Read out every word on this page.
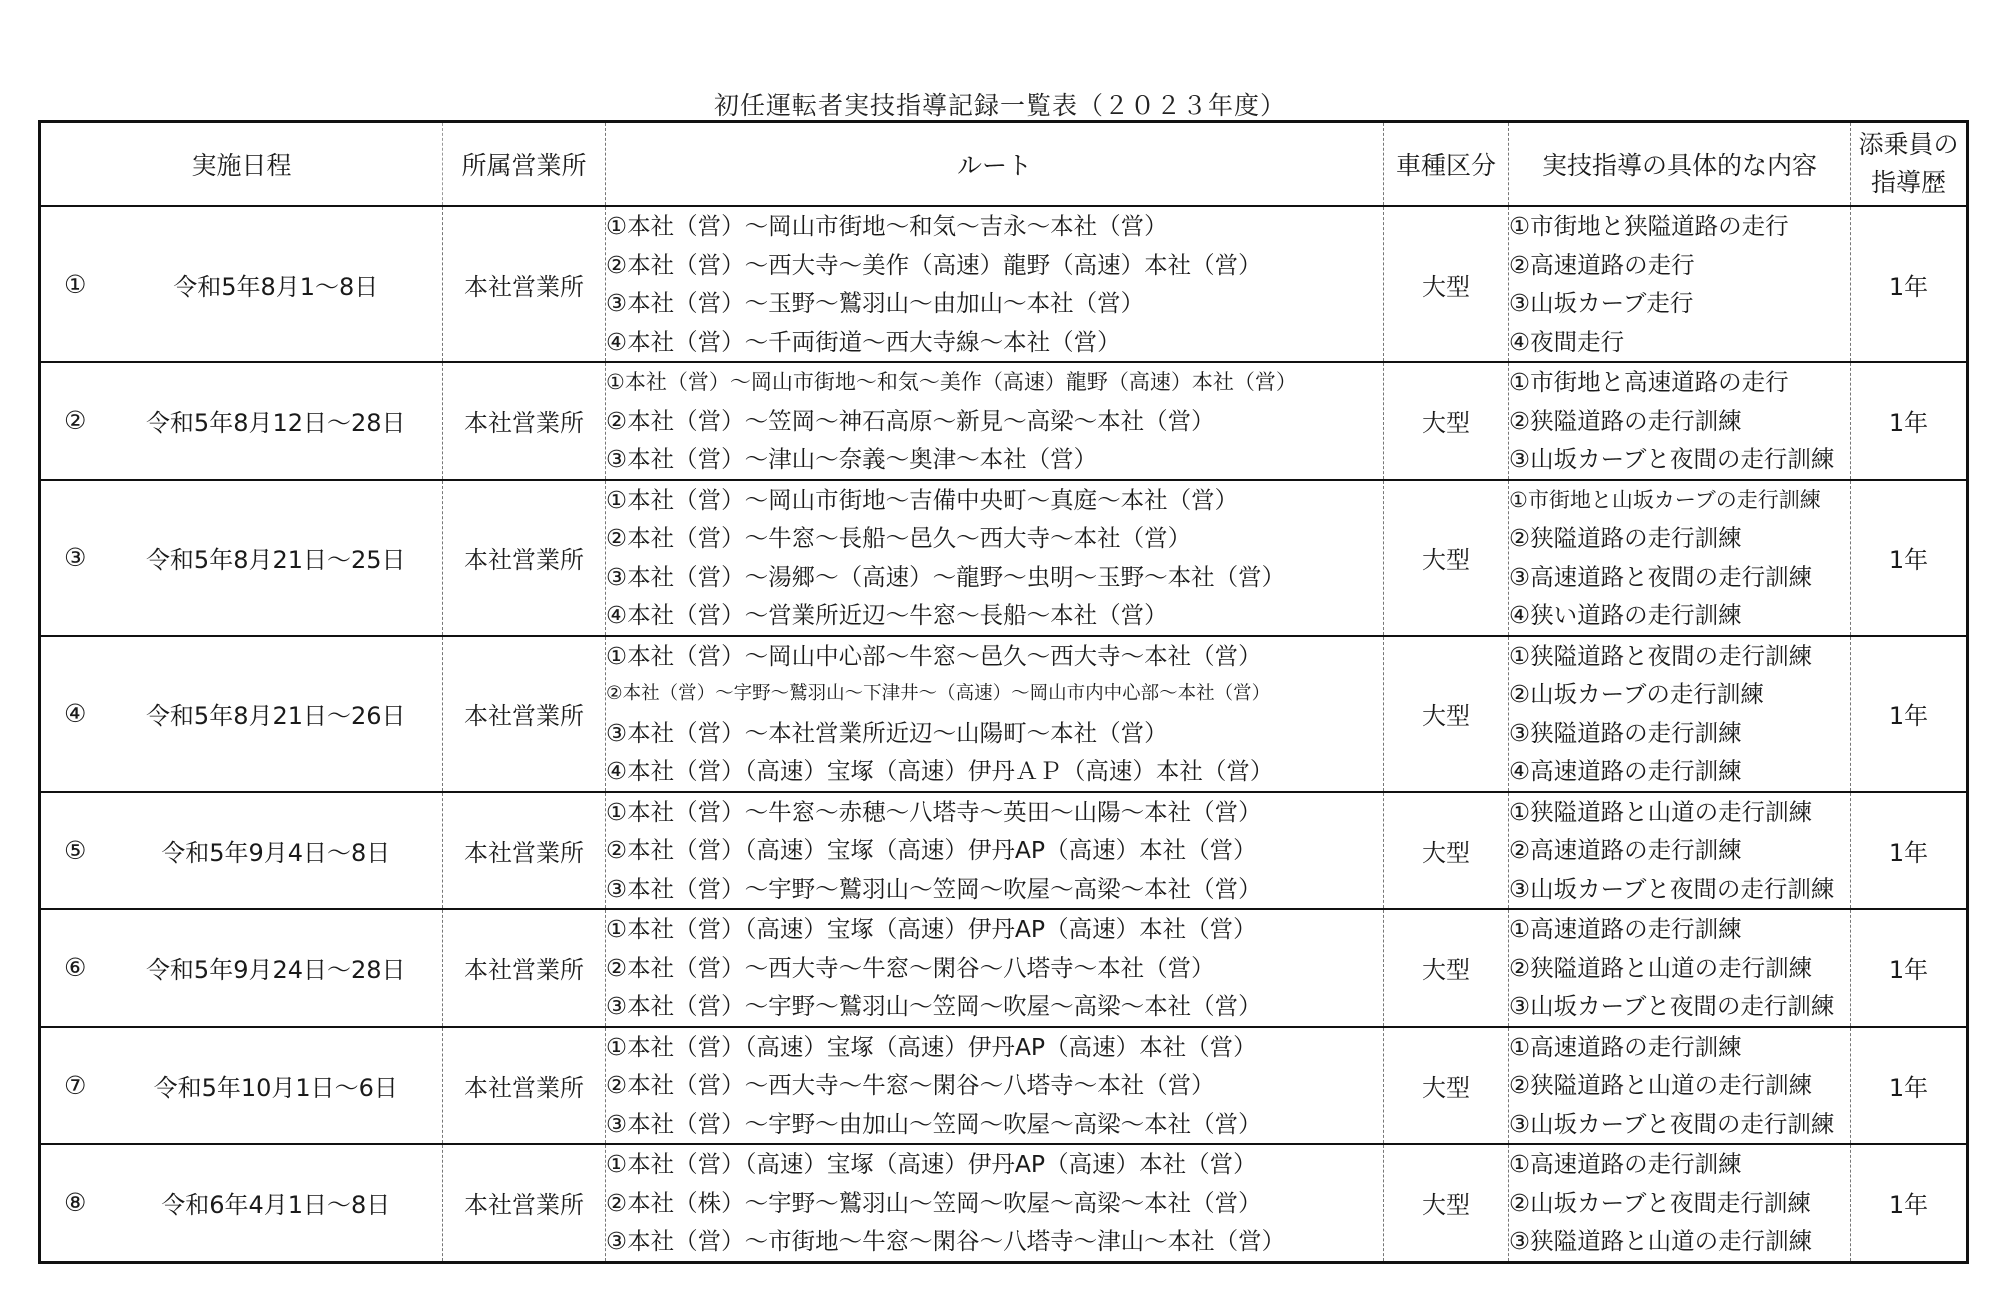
初任運転者実技指導記録一覧表（２０２３年度）
実施日程		所属営業所	ルート	車種区分	実技指導の具体的な内容	添乗員の
指導歴

①	令和5年8月1～8日	本社営業所	
①本社（営）～岡山市街地～和気～吉永～本社（営）
②本社（営）～西大寺～美作（高速）龍野（高速）本社（営）
③本社（営）～玉野～鷲羽山～由加山～本社（営）
④本社（営）～千両街道～西大寺線～本社（営）
	大型	
①市街地と狭隘道路の走行
②高速道路の走行
③山坂カーブ走行
④夜間走行
	1年
②	令和5年8月12日～28日	本社営業所	
①本社（営）～岡山市街地～和気～美作（高速）龍野（高速）本社（営）
②本社（営）～笠岡～神石高原～新見～高梁～本社（営）
③本社（営）～津山～奈義～奥津～本社（営）
	大型	
①市街地と高速道路の走行
②狭隘道路の走行訓練
③山坂カーブと夜間の走行訓練
	1年
③	令和5年8月21日～25日	本社営業所	
①本社（営）～岡山市街地～吉備中央町～真庭～本社（営）
②本社（営）～牛窓～長船～邑久～西大寺～本社（営）
③本社（営）～湯郷～（高速）～龍野～虫明～玉野～本社（営）
④本社（営）～営業所近辺～牛窓～長船～本社（営）
	大型	
①市街地と山坂カーブの走行訓練
②狭隘道路の走行訓練
③高速道路と夜間の走行訓練
④狭い道路の走行訓練
	1年
④	令和5年8月21日～26日	本社営業所	
①本社（営）～岡山中心部～牛窓～邑久～西大寺～本社（営）
②本社（営）～宇野～鷲羽山～下津井～（高速）～岡山市内中心部～本社（営）
③本社（営）～本社営業所近辺～山陽町～本社（営）
④本社（営）（高速）宝塚（高速）伊丹ＡＰ（高速）本社（営）
	大型	
①狭隘道路と夜間の走行訓練
②山坂カーブの走行訓練
③狭隘道路の走行訓練
④高速道路の走行訓練
	1年
⑤	令和5年9月4日～8日	本社営業所	
①本社（営）～牛窓～赤穂～八塔寺～英田～山陽～本社（営）
②本社（営）（高速）宝塚（高速）伊丹AP（高速）本社（営）
③本社（営）～宇野～鷲羽山～笠岡～吹屋～高梁～本社（営）
	大型	
①狭隘道路と山道の走行訓練
②高速道路の走行訓練
③山坂カーブと夜間の走行訓練
	1年
⑥	令和5年9月24日～28日	本社営業所	
①本社（営）（高速）宝塚（高速）伊丹AP（高速）本社（営）
②本社（営）～西大寺～牛窓～閑谷～八塔寺～本社（営）
③本社（営）～宇野～鷲羽山～笠岡～吹屋～高梁～本社（営）
	大型	
①高速道路の走行訓練
②狭隘道路と山道の走行訓練
③山坂カーブと夜間の走行訓練
	1年
⑦	令和5年10月1日～6日	本社営業所	
①本社（営）（高速）宝塚（高速）伊丹AP（高速）本社（営）
②本社（営）～西大寺～牛窓～閑谷～八塔寺～本社（営）
③本社（営）～宇野～由加山～笠岡～吹屋～高梁～本社（営）
	大型	
①高速道路の走行訓練
②狭隘道路と山道の走行訓練
③山坂カーブと夜間の走行訓練
	1年
⑧	令和6年4月1日～8日	本社営業所	
①本社（営）（高速）宝塚（高速）伊丹AP（高速）本社（営）
②本社（株）～宇野～鷲羽山～笠岡～吹屋～高梁～本社（営）
③本社（営）～市街地～牛窓～閑谷～八塔寺～津山～本社（営）
	大型	
①高速道路の走行訓練
②山坂カーブと夜間走行訓練
③狭隘道路と山道の走行訓練
	1年
